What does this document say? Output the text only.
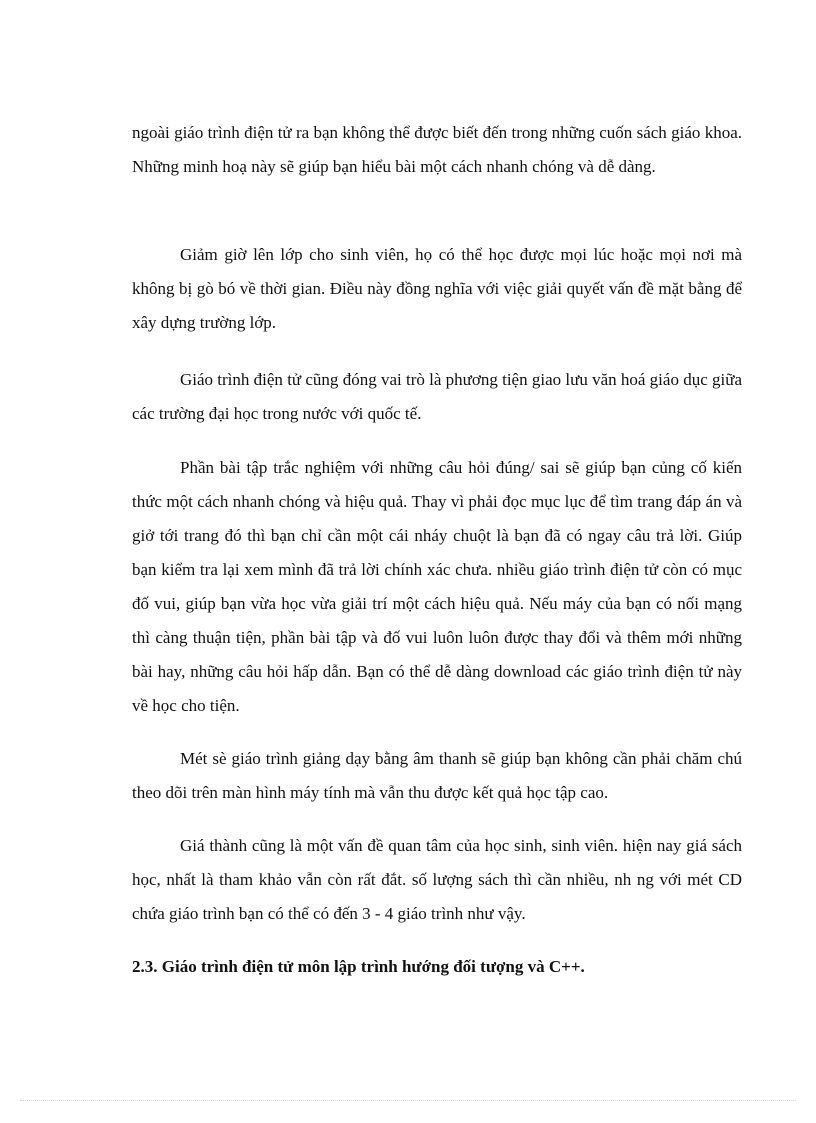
ngoài giáo trình điện tử ra bạn không thể được biết đến trong những cuốn sách giáo khoa. Những minh hoạ này sẽ giúp bạn hiểu bài một cách nhanh chóng và dễ dàng.

Giảm giờ lên lớp cho sinh viên, họ có thể học được mọi lúc hoặc mọi nơi mà không bị gò bó về thời gian. Điều này đồng nghĩa với việc giải quyết vấn đề mặt bằng để xây dựng trường lớp.

Giáo trình điện tử cũng đóng vai trò là phương tiện giao lưu văn hoá giáo dục giữa các trường đại học trong nước với quốc tế.

Phần bài tập trắc nghiệm với những câu hỏi đúng/ sai sẽ giúp bạn củng cố kiến thức một cách nhanh chóng và hiệu quả. Thay vì phải đọc mục lục để tìm trang đáp án và giở tới trang đó thì bạn chỉ cần một cái nháy chuột là bạn đã có ngay câu trả lời. Giúp bạn kiểm tra lại xem mình đã trả lời chính xác chưa. nhiều giáo trình điện tử còn có mục đố vui, giúp bạn vừa học vừa giải trí một cách hiệu quả. Nếu máy của bạn có nối mạng thì càng thuận tiện, phần bài tập và đố vui luôn luôn được thay đổi và thêm mới những bài hay, những câu hỏi hấp dẫn. Bạn có thể dễ dàng download các giáo trình điện tử này về học cho tiện.

Mét sè giáo trình giảng dạy bằng âm thanh sẽ giúp bạn không cần phải chăm chú theo dõi trên màn hình máy tính mà vẫn thu được kết quả học tập cao.

Giá thành cũng là một vấn đề quan tâm của học sinh, sinh viên. hiện nay giá sách học, nhất là tham khảo vẫn còn rất đắt. số lượng sách thì cần nhiều, nh ng với mét CD chứa giáo trình bạn có thể có đến 3 - 4 giáo trình như vậy.

2.3. Giáo trình điện tử môn lập trình hướng đối tượng và C++.
